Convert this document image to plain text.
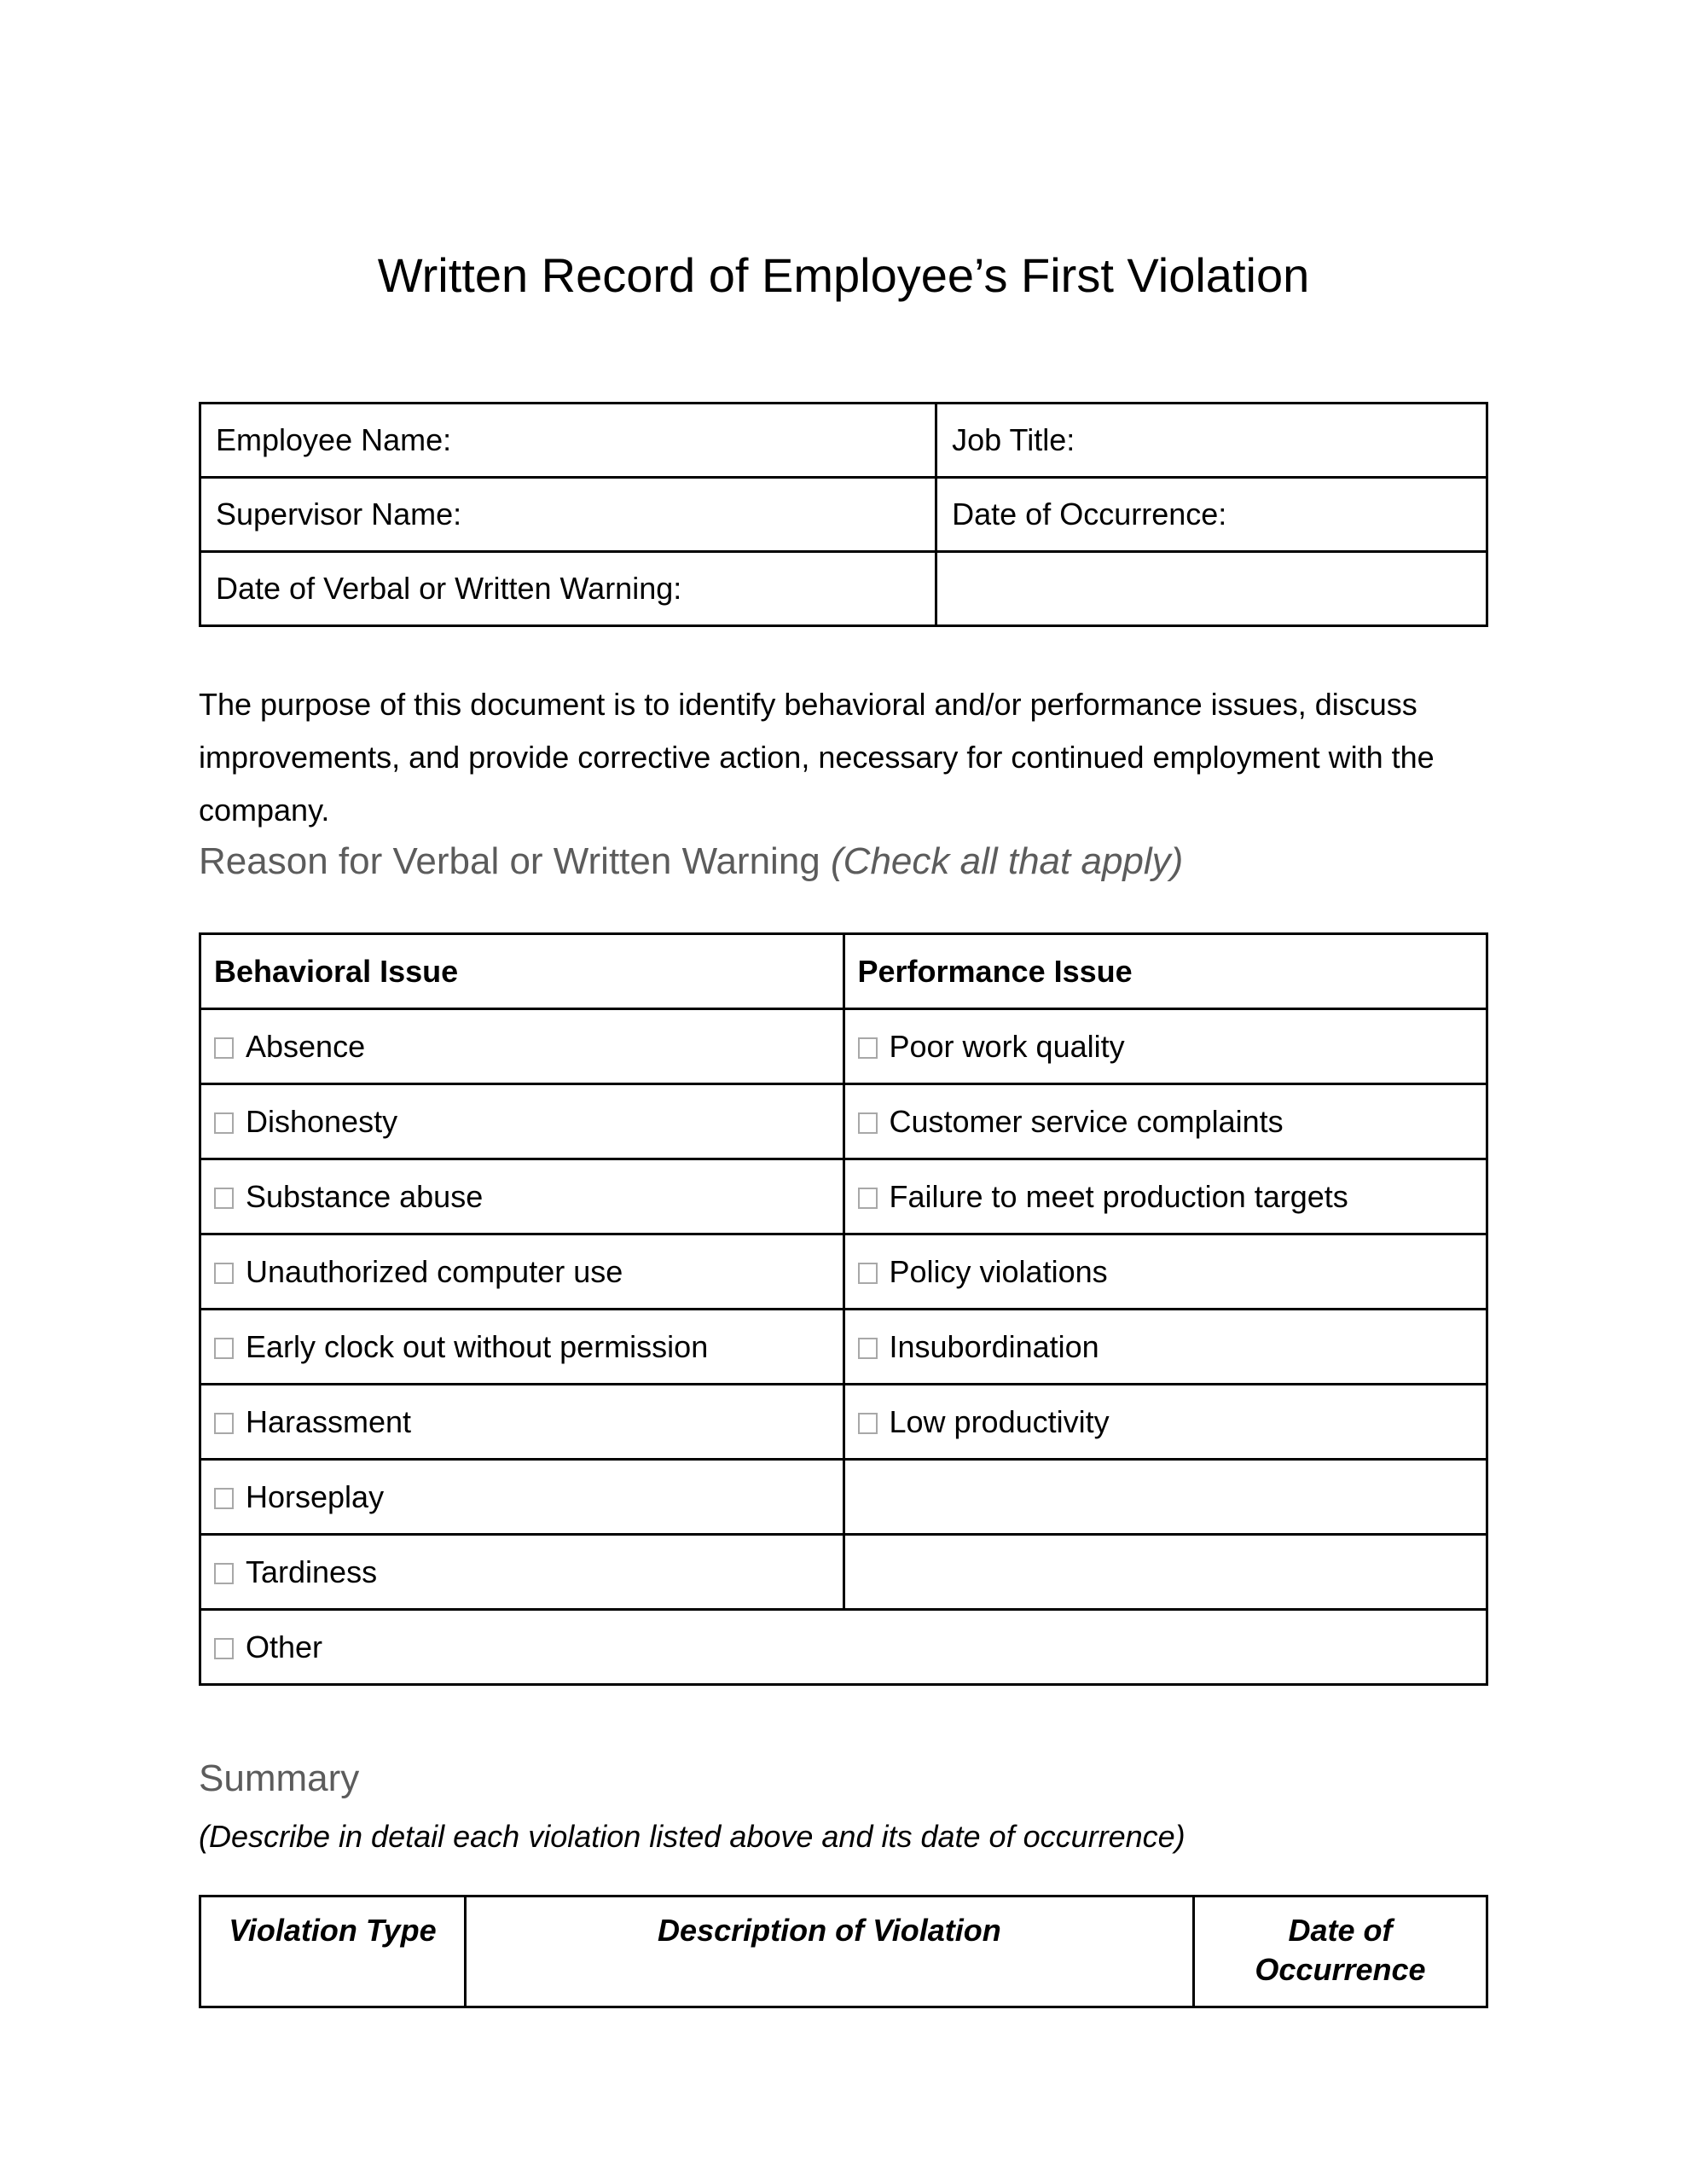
Written Record of Employee’s First Violation
Employee Name:	Job Title:
Supervisor Name:	Date of Occurrence:
Date of Verbal or Written Warning:	

The purpose of this document is to identify behavioral and/or performance issues, discuss improvements, and provide corrective action, necessary for continued employment with the company.

Reason for Verbal or Written Warning (Check all that apply)
Behavioral Issue	Performance Issue
Absence	Poor work quality
Dishonesty	Customer service complaints
Substance abuse	Failure to meet production targets
Unauthorized computer use	Policy violations
Early clock out without permission	Insubordination
Harassment	Low productivity
Horseplay	
Tardiness	
Other	
Summary

(Describe in detail each violation listed above and its date of occurrence)

Violation Type	Description of Violation	Date of Occurrence
